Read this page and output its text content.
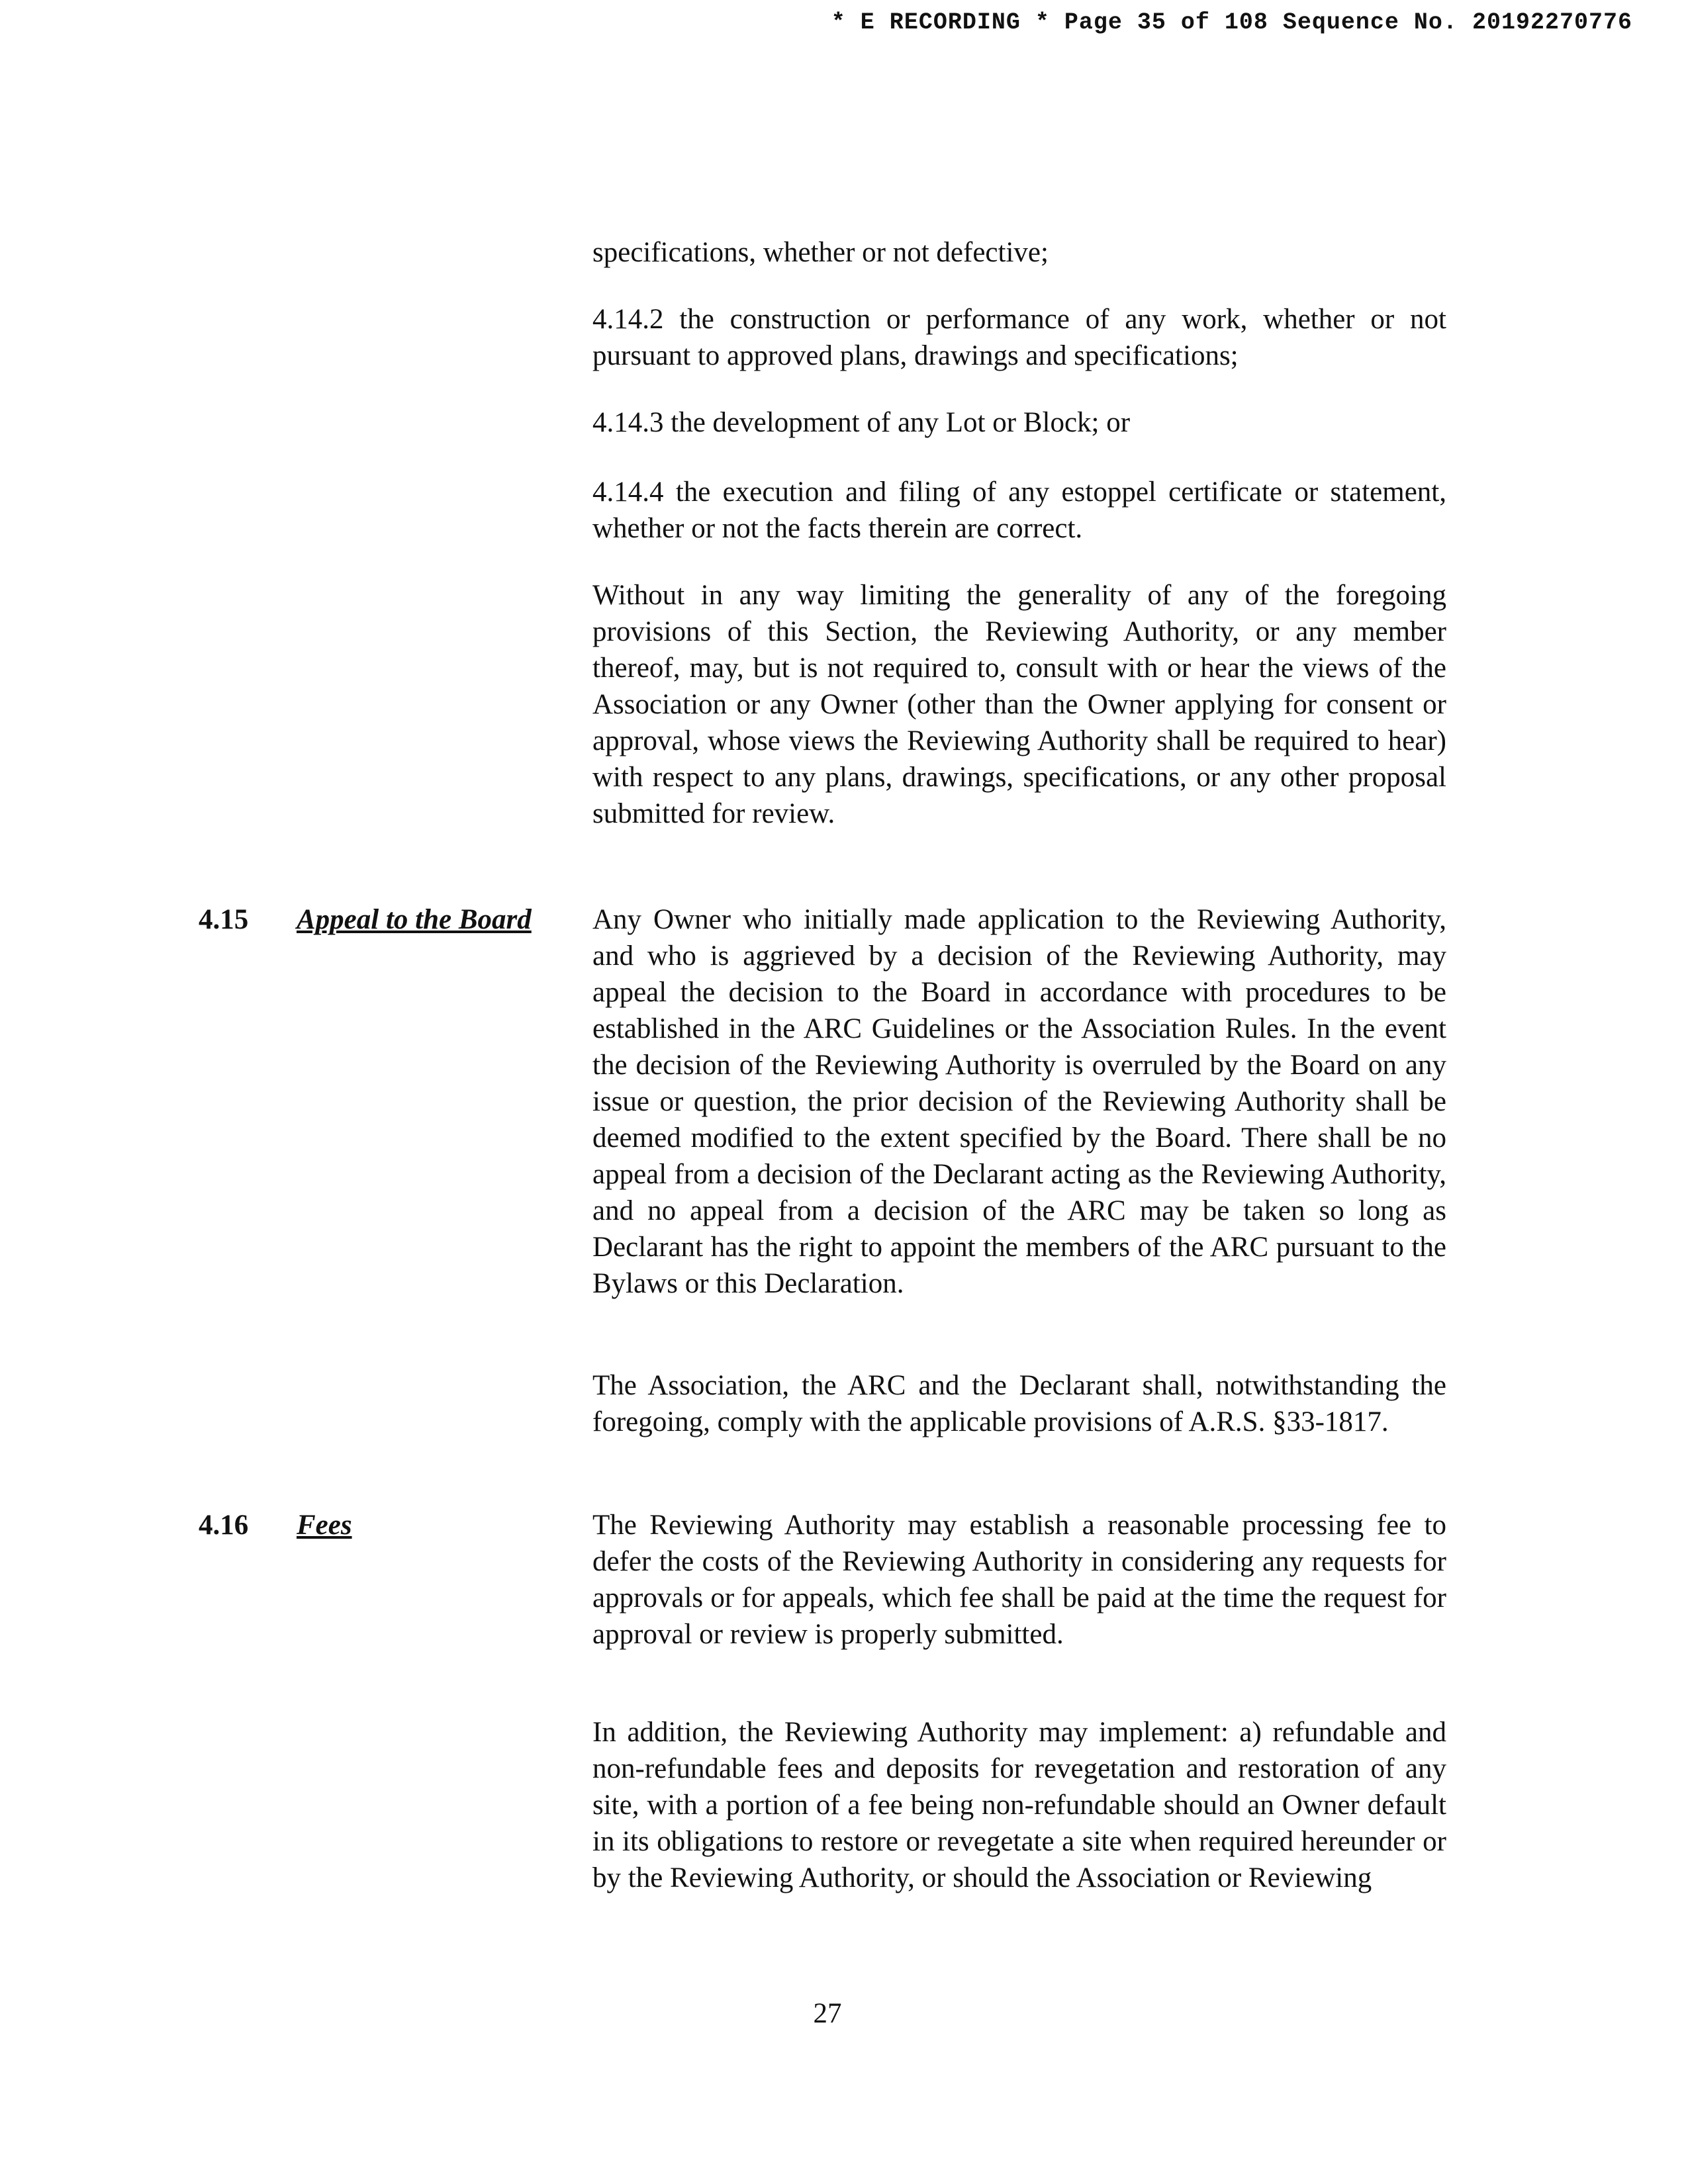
* E RECORDING * Page 35 of 108 Sequence No. 20192270776

specifications, whether or not defective;

4.14.2 the construction or performance of any work, whether or not pursuant to approved plans, drawings and specifications;

4.14.3 the development of any Lot or Block; or

4.14.4 the execution and filing of any estoppel certificate or statement, whether or not the facts therein are correct.

Without in any way limiting the generality of any of the foregoing provisions of this Section, the Reviewing Authority, or any member thereof, may, but is not required to, consult with or hear the views of the Association or any Owner (other than the Owner applying for consent or approval, whose views the Reviewing Authority shall be required to hear) with respect to any plans, drawings, specifications, or any other proposal submitted for review.

4.15 Appeal to the Board Any Owner who initially made application to the Reviewing Authority, and who is aggrieved by a decision of the Reviewing Authority, may appeal the decision to the Board in accordance with procedures to be established in the ARC Guidelines or the Association Rules. In the event the decision of the Reviewing Authority is overruled by the Board on any issue or question, the prior decision of the Reviewing Authority shall be deemed modified to the extent specified by the Board. There shall be no appeal from a decision of the Declarant acting as the Reviewing Authority, and no appeal from a decision of the ARC may be taken so long as Declarant has the right to appoint the members of the ARC pursuant to the Bylaws or this Declaration.

The Association, the ARC and the Declarant shall, notwithstanding the foregoing, comply with the applicable provisions of A.R.S. §33-1817.

4.16 Fees	The Reviewing Authority may establish a reasonable processing fee to defer the costs of the Reviewing Authority in considering any requests for approvals or for appeals, which fee shall be paid at the time the request for approval or review is properly submitted.

In addition, the Reviewing Authority may implement: a) refundable and non-refundable fees and deposits for revegetation and restoration of any site, with a portion of a fee being non-refundable should an Owner default in its obligations to restore or revegetate a site when required hereunder or by the Reviewing Authority, or should the Association or Reviewing

27
